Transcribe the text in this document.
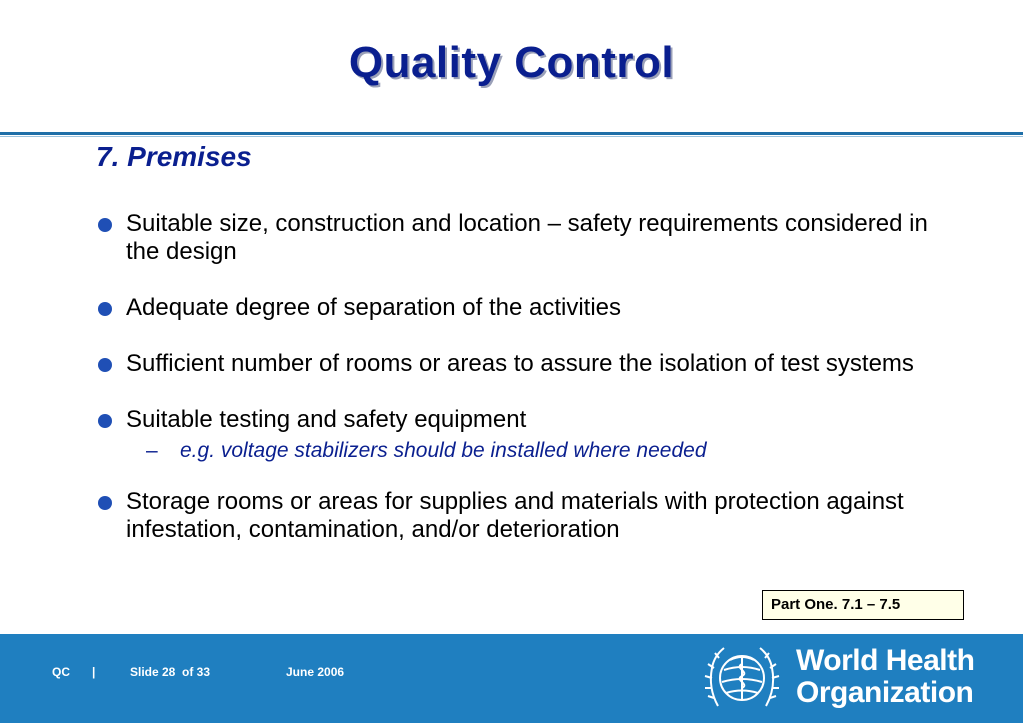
Quality Control
7. Premises
Suitable size, construction and location – safety requirements considered in the design
Adequate degree of separation of the activities
Sufficient number of rooms or areas to assure the isolation of test systems
Suitable testing and safety equipment
– e.g. voltage stabilizers should be installed where needed
Storage rooms or areas for supplies and materials with protection against infestation, contamination, and/or deterioration
Part One. 7.1 – 7.5
QC |	Slide 28  of 33	June 2006	World Health
Organization
